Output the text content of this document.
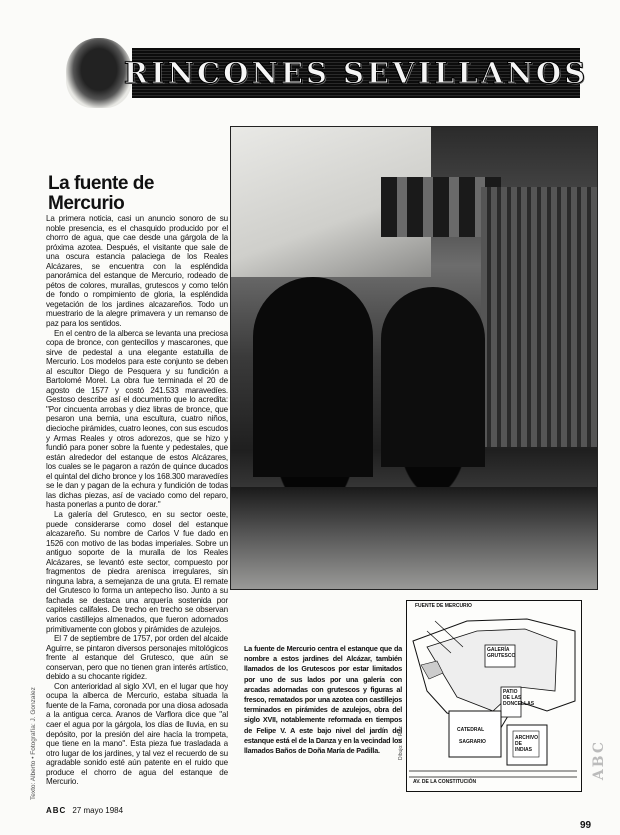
RINCONES SEVILLANOS
La fuente de Mercurio

La primera noticia, casi un anuncio sonoro de su noble presencia, es el chasquido producido por el chorro de agua, que cae desde una gárgola de la próxima azotea. Después, el visitante que sale de una oscura estancia palaciega de los Reales Alcázares, se encuentra con la espléndida panorámica del estanque de Mercurio, rodeado de pétos de colores, murallas, grutescos y como telón de fondo o rompimiento de gloria, la espléndida vegetación de los jardines alcazareños. Todo un muestrario de la alegre primavera y un remanso de paz para los sentidos.

En el centro de la alberca se levanta una preciosa copa de bronce, con gentecillos y mascarones, que sirve de pedestal a una elegante estatuilla de Mercurio. Los modelos para este conjunto se deben al escultor Diego de Pesquera y su fundición a Bartolomé Morel. La obra fue terminada el 20 de agosto de 1577 y costó 241.533 maravedíes. Gestoso describe así el documento que lo acredita: "Por cincuenta arrobas y diez libras de bronce, que pesaron una bernia, una escultura, cuatro niños, diecioche pirámides, cuatro leones, con sus escudos y Armas Reales y otros adorezos, que se hizo y fundió para poner sobre la fuente y pedestales, que están alrededor del estanque de estos Alcázares, los cuales se le pagaron a razón de quince ducados el quintal del dicho bronce y los 168.300 maravedíes se le dan y pagan de la echura y fundición de todas las dichas piezas, así de vaciado como del reparo, hasta ponerlas a punto de dorar."

La galería del Grutesco, en su sector oeste, puede considerarse como dosel del estanque alcazareño. Su nombre de Carlos V fue dado en 1526 con motivo de las bodas imperiales. Sobre un antiguo soporte de la muralla de los Reales Alcázares, se levantó este sector, compuesto por fragmentos de piedra arenisca irregulares, sin ninguna labra, a semejanza de una gruta. El remate del Grutesco lo forma un antepecho liso. Junto a su fachada se destaca una arquería sostenida por capiteles califales. De trecho en trecho se observan varios castillejos almenados, que fueron adornados primitivamente con globos y pirámides de azulejos.

El 7 de septiembre de 1757, por orden del alcaide Aguirre, se pintaron diversos personajes mitológicos frente al estanque del Grutesco, que aún se conservan, pero que no tienen gran interés artístico, debido a su chocante rigidez.

Con anterioridad al siglo XVI, en el lugar que hoy ocupa la alberca de Mercurio, estaba situada la fuente de la Fama, coronada por una diosa adosada a la antigua cerca. Aranos de Varflora dice que "al caer el agua por la gárgola, los días de lluvia, en su depósito, por la presión del aire hacía la trompeta, que tiene en la mano". Esta pieza fue trasladada a otro lugar de los jardines, y tal vez el recuerdo de su agradable sonido esté aún patente en el ruido que produce el chorro de agua del estanque de Mercurio.

La fuente de Mercurio centra el estanque que da nombre a estos jardines del Alcázar, también llamados de los Grutescos por estar limitados por uno de sus lados por una galería con arcadas adornadas con grutescos y figuras al fresco, rematados por una azotea con castillejos terminados en pirámides de azulejos, obra del siglo XVII, notablemente reformada en tiempos de Felipe V. A este bajo nivel del jardín del estanque está el de la Danza y en la vecindad los llamados Baños de Doña María de Padilla.
FUENTE DE MERCURIO
GALERÍA GRUTESCO
PATIO DE LAS DONCELLAS
CATEDRAL
SAGRARIO
ARCHIVO DE INDIAS
AV. DE LA CONSTITUCIÓN
Dibujo: M. Ruiz
Texto: Alberto • Fotografía: J. Gonzalez	ABC
ABC 27 mayo 1984
99
